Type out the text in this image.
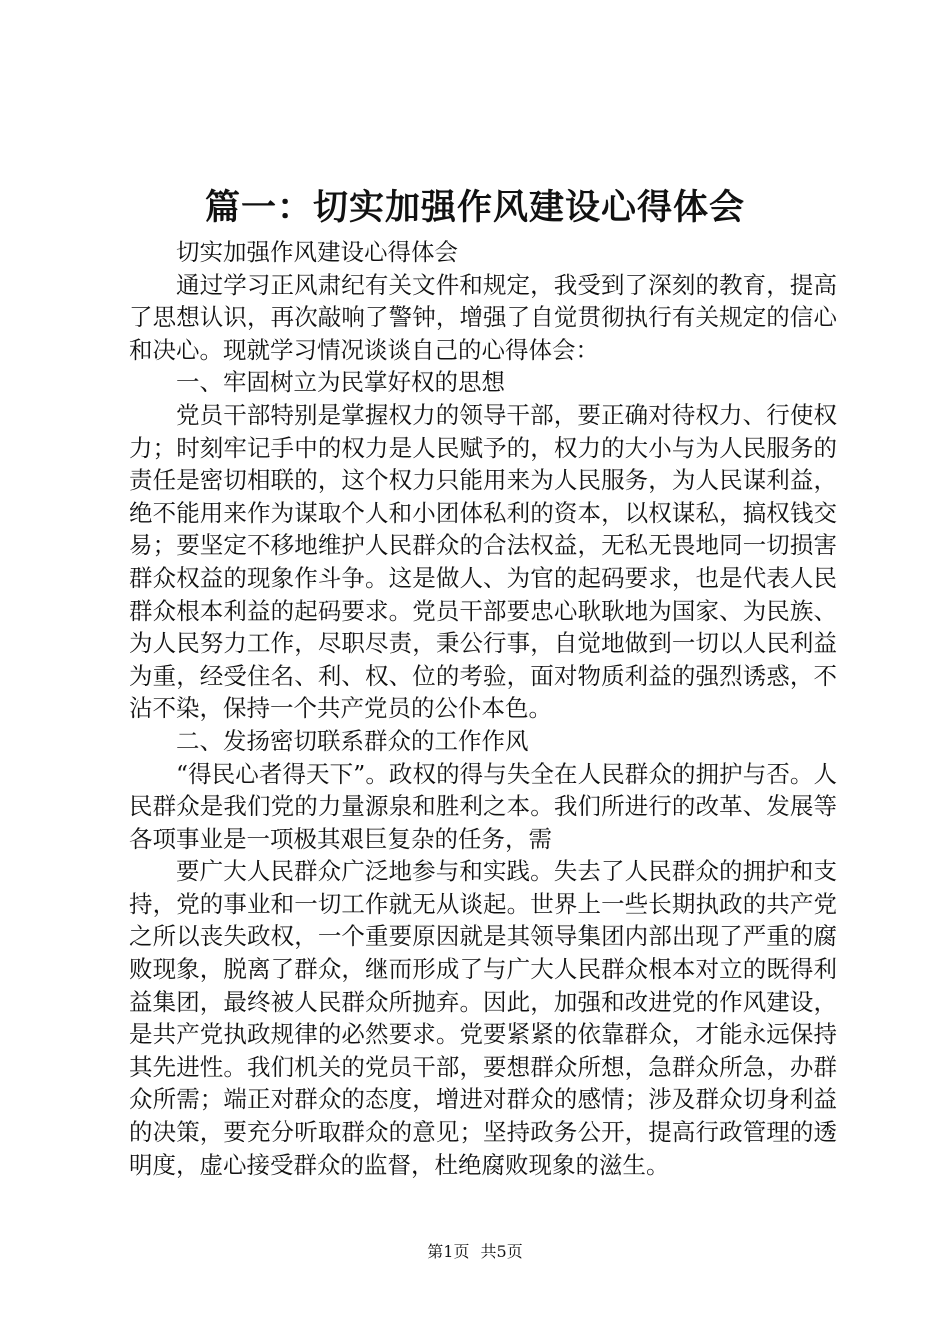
篇一：切实加强作风建设心得体会

切实加强作风建设心得体会

通过学习正风肃纪有关文件和规定，我受到了深刻的教育，提高了思想认识，再次敲响了警钟，增强了自觉贯彻执行有关规定的信心和决心。现就学习情况谈谈自己的心得体会：

一、牢固树立为民掌好权的思想

党员干部特别是掌握权力的领导干部，要正确对待权力、行使权力；时刻牢记手中的权力是人民赋予的，权力的大小与为人民服务的责任是密切相联的，这个权力只能用来为人民服务，为人民谋利益，绝不能用来作为谋取个人和小团体私利的资本，以权谋私，搞权钱交易；要坚定不移地维护人民群众的合法权益，无私无畏地同一切损害群众权益的现象作斗争。这是做人、为官的起码要求，也是代表人民群众根本利益的起码要求。党员干部要忠心耿耿地为国家、为民族、为人民努力工作，尽职尽责，秉公行事，自觉地做到一切以人民利益为重，经受住名、利、权、位的考验，面对物质利益的强烈诱惑，不沾不染，保持一个共产党员的公仆本色。

二、发扬密切联系群众的工作作风

“得民心者得天下”。政权的得与失全在人民群众的拥护与否。人民群众是我们党的力量源泉和胜利之本。我们所进行的改革、发展等各项事业是一项极其艰巨复杂的任务，需

要广大人民群众广泛地参与和实践。失去了人民群众的拥护和支持，党的事业和一切工作就无从谈起。世界上一些长期执政的共产党之所以丧失政权，一个重要原因就是其领导集团内部出现了严重的腐败现象，脱离了群众，继而形成了与广大人民群众根本对立的既得利益集团，最终被人民群众所抛弃。因此，加强和改进党的作风建设，是共产党执政规律的必然要求。党要紧紧的依靠群众，才能永远保持其先进性。我们机关的党员干部，要想群众所想，急群众所急，办群众所需；端正对群众的态度，增进对群众的感情；涉及群众切身利益的决策，要充分听取群众的意见；坚持政务公开，提高行政管理的透明度，虚心接受群众的监督，杜绝腐败现象的滋生。

第1页 共5页
